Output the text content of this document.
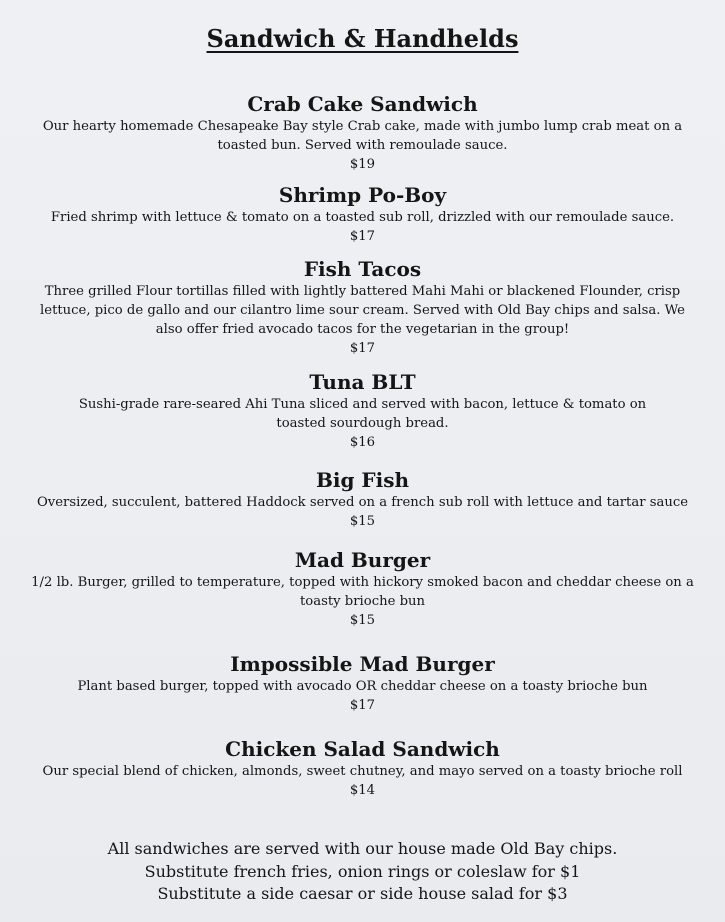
Sandwich & Handhelds

Crab Cake Sandwich

Our hearty homemade Chesapeake Bay style Crab cake, made with jumbo lump crab meat on a

toasted bun. Served with remoulade sauce.

$19

Shrimp Po-Boy

Fried shrimp with lettuce & tomato on a toasted sub roll, drizzled with our remoulade sauce.

$17

Fish Tacos

Three grilled Flour tortillas filled with lightly battered Mahi Mahi or blackened Flounder, crisp

lettuce, pico de gallo and our cilantro lime sour cream. Served with Old Bay chips and salsa. We

also offer fried avocado tacos for the vegetarian in the group!

$17

Tuna BLT

Sushi-grade rare-seared Ahi Tuna sliced and served with bacon, lettuce & tomato on

toasted sourdough bread.

$16

Big Fish

Oversized, succulent, battered Haddock served on a french sub roll with lettuce and tartar sauce

$15

Mad Burger

1/2 lb. Burger, grilled to temperature, topped with hickory smoked bacon and cheddar cheese on a

toasty brioche bun

$15

Impossible Mad Burger

Plant based burger, topped with avocado OR cheddar cheese on a toasty brioche bun

$17

Chicken Salad Sandwich

Our special blend of chicken, almonds, sweet chutney, and mayo served on a toasty brioche roll

$14

All sandwiches are served with our house made Old Bay chips.

Substitute french fries, onion rings or coleslaw for $1

Substitute a side caesar or side house salad for $3
